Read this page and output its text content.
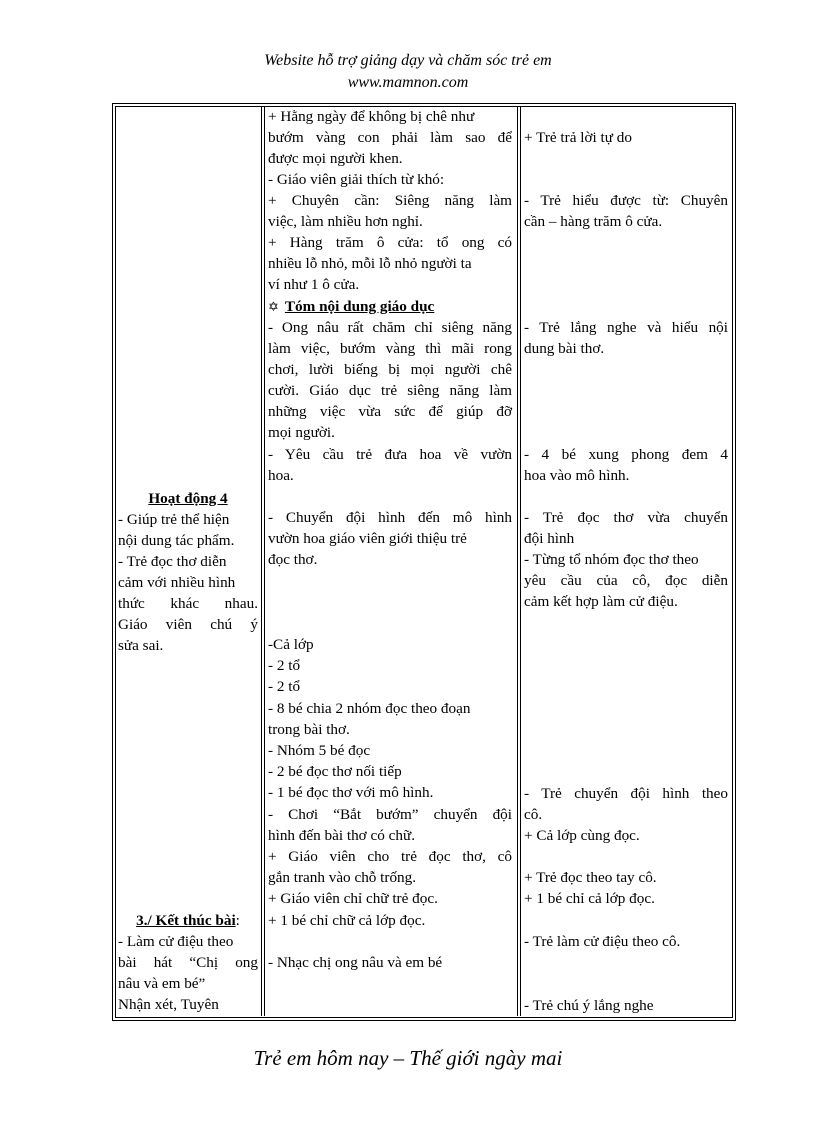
Website hỗ trợ giảng dạy và chăm sóc trẻ em
www.mamnon.com
Hoạt động 4
- Giúp trẻ thể hiện
nội dung tác phẩm.
- Trẻ đọc thơ diễn
cảm với nhiều hình
thức khác nhau.
Giáo viên chú ý
sửa sai.
3./ Kết thúc bài:
- Làm cử điệu theo
bài hát “Chị ong
nâu và em bé”
Nhận xét, Tuyên
+ Hằng ngày để không bị chê như
bướm vàng con phải làm sao để
được mọi người khen.
- Giáo viên giải thích từ khó:
+ Chuyên cần: Siêng năng làm
việc, làm nhiều hơn nghỉ.
+ Hàng trăm ô cửa: tổ ong có
nhiều lỗ nhỏ, mỗi lỗ nhỏ người ta
ví như 1 ô cửa.
✡ Tóm nội dung giáo dục
- Ong nâu rất chăm chỉ siêng năng
làm việc, bướm vàng thì mãi rong
chơi, lười biếng bị mọi người chê
cười. Giáo dục trẻ siêng năng làm
những việc vừa sức để giúp đỡ
mọi người.
- Yêu cầu trẻ đưa hoa về vườn
hoa.
- Chuyển đội hình đến mô hình
vườn hoa giáo viên giới thiệu trẻ
đọc thơ.
-Cả lớp
- 2 tổ
- 2 tổ
- 8 bé chia 2 nhóm đọc theo đoạn
trong bài thơ.
- Nhóm 5 bé đọc
- 2 bé đọc thơ nối tiếp
- 1 bé đọc thơ với mô hình.
- Chơi “Bắt bướm” chuyển đội
hình đến bài thơ có chữ.
+ Giáo viên cho trẻ đọc thơ, cô
gắn tranh vào chỗ trống.
+ Giáo viên chỉ chữ trẻ đọc.
+ 1 bé chỉ chữ cả lớp đọc.
- Nhạc chị ong nâu và em bé
+ Trẻ trả lời tự do
- Trẻ hiểu được từ: Chuyên
cần – hàng trăm ô cửa.
- Trẻ lắng nghe và hiểu nội
dung bài thơ.
- 4 bé xung phong đem 4
hoa vào mô hình.
- Trẻ đọc thơ vừa chuyển
đội hình
- Từng tổ nhóm đọc thơ theo
yêu cầu của cô, đọc diễn
cảm kết hợp làm cử điệu.
- Trẻ chuyển đội hình theo
cô.
+ Cả lớp cùng đọc.
+ Trẻ đọc theo tay cô.
+ 1 bé chỉ cả lớp đọc.
- Trẻ làm cử điệu theo cô.
- Trẻ chú ý lắng nghe
Trẻ em hôm nay – Thế giới ngày mai
